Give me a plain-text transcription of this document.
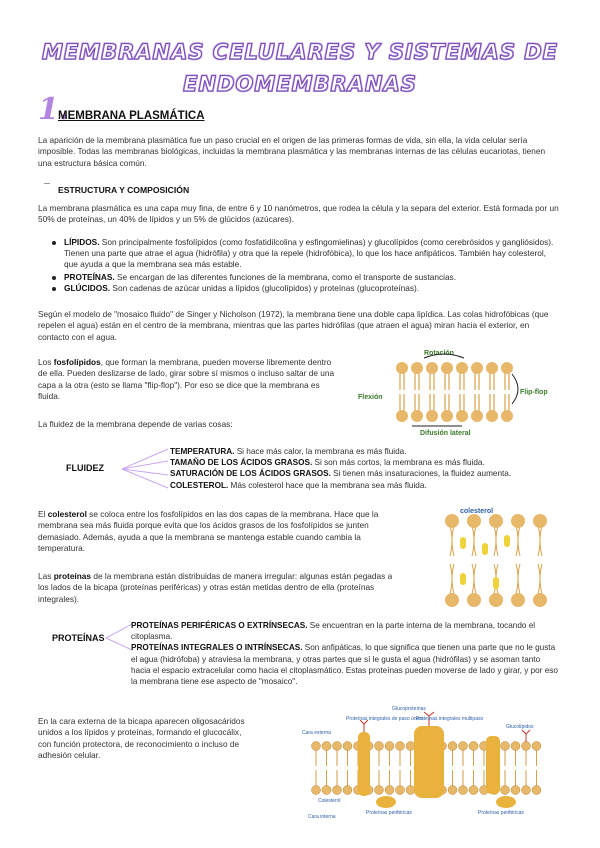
MEMBRANAS CELULARES Y SISTEMAS DE
ENDOMEMBRANAS
1.
MEMBRANA PLASMÁTICA
La aparición de la membrana plasmática fue un paso crucial en el origen de las primeras formas de vida, sin ella, la vida celular sería imposible. Todas las membranas biológicas, incluidas la membrana plasmática y las membranas internas de las células eucariotas, tienen una estructura básica común.
ESTRUCTURA Y COMPOSICIÓN
La membrana plasmática es una capa muy fina, de entre 6 y 10 nanómetros, que rodea la célula y la separa del exterior. Está formada por un 50% de proteínas, un 40% de lípidos y un 5% de glúcidos (azúcares).
LÍPIDOS. Son principalmente fosfolípidos (como fosfatidilcolina y esfingomielinas) y glucolípidos (como cerebrósidos y gangliósidos). Tienen una parte que atrae el agua (hidrófila) y otra que la repele (hidrofóbica), lo que los hace anfipáticos. También hay colesterol, que ayuda a que la membrana sea más estable.
PROTEÍNAS. Se encargan de las diferentes funciones de la membrana, como el transporte de sustancias.
GLÚCIDOS. Son cadenas de azúcar unidas a lípidos (glucolípidos) y proteínas (glucoproteínas).
Según el modelo de "mosaico fluido" de Singer y Nicholson (1972), la membrana tiene una doble capa lipídica. Las colas hidrofóbicas (que repelen el agua) están en el centro de la membrana, mientras que las partes hidrófilas (que atraen el agua) miran hacia el exterior, en contacto con el agua.
Los fosfolípidos, que forman la membrana, pueden moverse libremente dentro de ella. Pueden deslizarse de lado, girar sobre sí mismos o incluso saltar de una capa a la otra (esto se llama "flip-flop"). Por eso se dice que la membrana es fluida.
Rotación
Flexión
Flip-flop
Difusión lateral
La fluidez de la membrana depende de varias cosas:
FLUIDEZ
TEMPERATURA. Si hace más calor, la membrana es más fluida.
TAMAÑO DE LOS ÁCIDOS GRASOS. Si son más cortos, la membrana es más fluida.
SATURACIÓN DE LOS ÁCIDOS GRASOS. Si tienen más insaturaciones, la fluidez aumenta.
COLESTEROL. Más colesterol hace que la membrana sea más fluida.
El colesterol se coloca entre los fosfolípidos en las dos capas de la membrana. Hace que la membrana sea más fluida porque evita que los ácidos grasos de los fosfolípidos se junten demasiado. Además, ayuda a que la membrana se mantenga estable cuando cambia la temperatura.
colesterol
Las proteínas de la membrana están distribuidas de manera irregular: algunas están pegadas a los lados de la bicapa (proteínas periféricas) y otras están metidas dentro de ella (proteínas integrales).
PROTEÍNAS
PROTEÍNAS PERIFÉRICAS O EXTRÍNSECAS. Se encuentran en la parte interna de la membrana, tocando el citoplasma.
PROTEÍNAS INTEGRALES O INTRÍNSECAS. Son anfipáticas, lo que significa que tienen una parte que no le gusta el agua (hidrófoba) y atraviesa la membrana, y otras partes que sí le gusta el agua (hidrófilas) y se asoman tanto hacia el espacio extracelular como hacia el citoplasmático. Estas proteínas pueden moverse de lado y girar, y por eso la membrana tiene ese aspecto de "mosaico".
En la cara externa de la bicapa aparecen oligosacáridos unidos a los lípidos y proteínas, formando el glucocálix, con función protectora, de reconocimiento o incluso de adhesión celular.
Glucoproteínas
Proteínas integrales de paso único
Proteínas integrales multipaso
Glucolípidos
Cara externa
Colesterol
Cara interna
Proteínas periféricas	Proteínas periféricas
